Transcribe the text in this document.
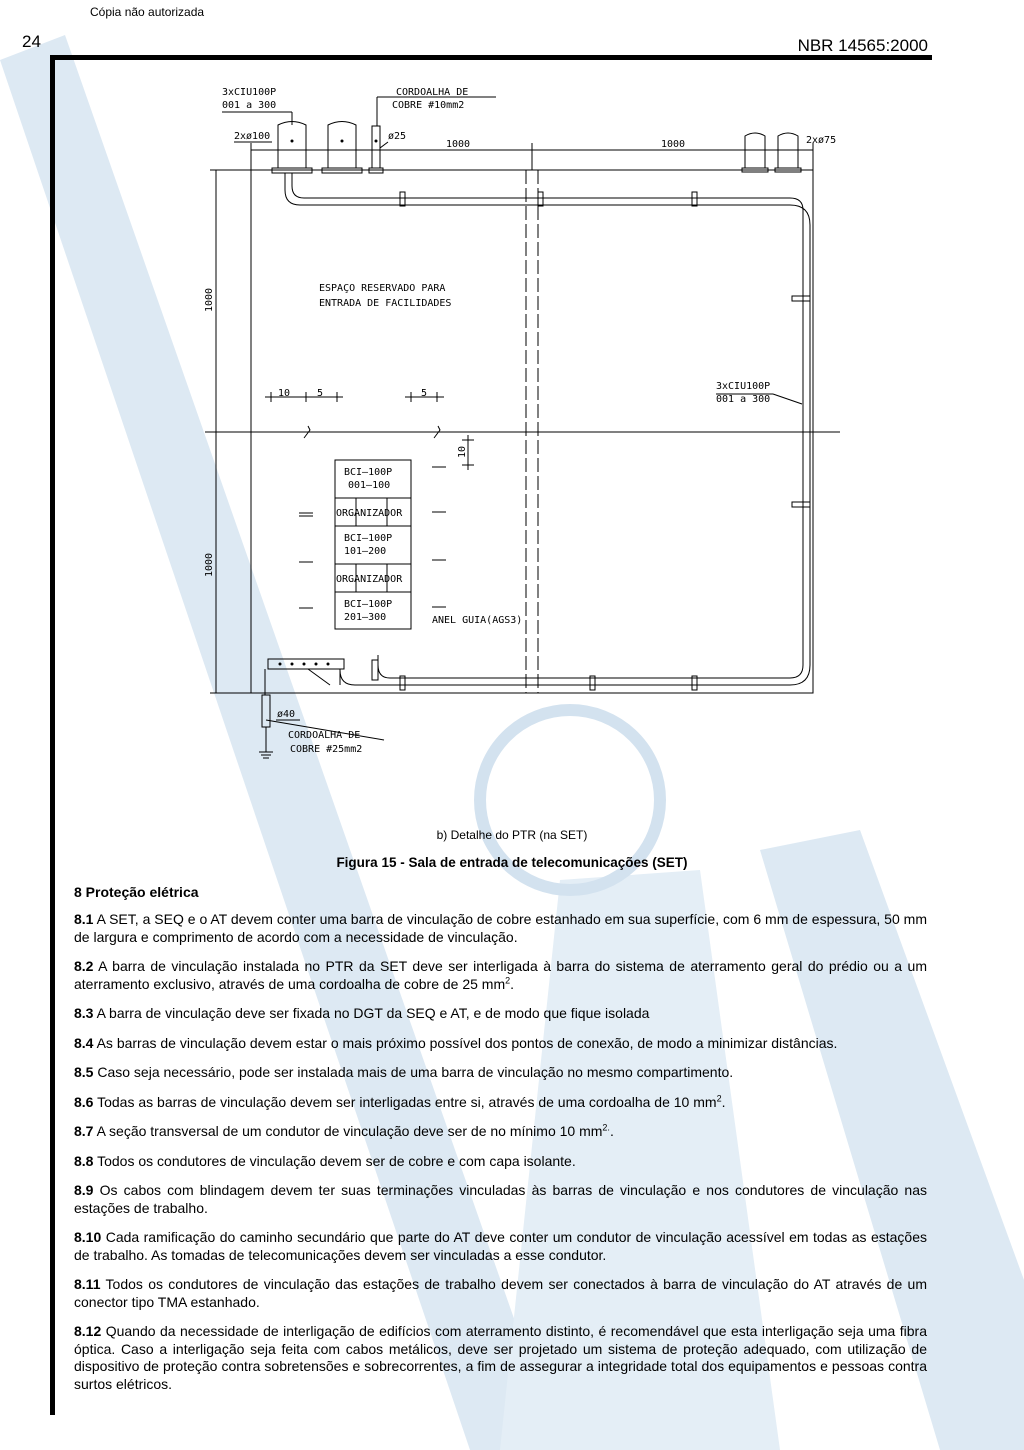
Cópia não autorizada
24	NBR 14565:2000
3xCIU100P
001 a 300
CORDOALHA DE
COBRE #10mm2
2xø100	ø25
1000	1000	2xø75
1000
1000
ESPAÇO RESERVADO PARA
ENTRADA DE FACILIDADES
10	5	5
10
3xCIU100P
001 a 300
BCI–100P
001–100
ORGANIZADOR
BCI–100P
101–200
ORGANIZADOR
BCI–100P
201–300	ANEL GUIA(AGS3)
ø40
CORDOALHA DE
COBRE #25mm2
b) Detalhe do PTR (na SET)
Figura 15 - Sala de entrada de telecomunicações (SET)
8 Proteção elétrica

8.1 A SET, a SEQ e o AT devem conter uma barra de vinculação de cobre estanhado em sua superfície, com 6 mm de espessura, 50 mm de largura e comprimento de acordo com a necessidade de vinculação.

8.2 A barra de vinculação instalada no PTR da SET deve ser interligada à barra do sistema de aterramento geral do prédio ou a um aterramento exclusivo, através de uma cordoalha de cobre de 25 $mm^2$.

8.3 A barra de vinculação deve ser fixada no DGT da SEQ e AT, e de modo que fique isolada

8.4 As barras de vinculação devem estar o mais próximo possível dos pontos de conexão, de modo a minimizar distâncias.

8.5 Caso seja necessário, pode ser instalada mais de uma barra de vinculação no mesmo compartimento.

8.6 Todas as barras de vinculação devem ser interligadas entre si, através de uma cordoalha de 10 $mm^2$.

8.7 A seção transversal de um condutor de vinculação deve ser de no mínimo 10 $mm^{2.}$.

8.8 Todos os condutores de vinculação devem ser de cobre e com capa isolante.

8.9 Os cabos com blindagem devem ter suas terminações vinculadas às barras de vinculação e nos condutores de vinculação nas estações de trabalho.

8.10 Cada ramificação do caminho secundário que parte do AT deve conter um condutor de vinculação acessível em todas as estações de trabalho. As tomadas de telecomunicações devem ser vinculadas a esse condutor.

8.11 Todos os condutores de vinculação das estações de trabalho devem ser conectados à barra de vinculação do AT através de um conector tipo TMA estanhado.

8.12 Quando da necessidade de interligação de edifícios com aterramento distinto, é recomendável que esta interligação seja uma fibra óptica. Caso a interligação seja feita com cabos metálicos, deve ser projetado um sistema de proteção adequado, com utilização de dispositivo de proteção contra sobretensões e sobrecorrentes, a fim de assegurar a integridade total dos equipamentos e pessoas contra surtos elétricos.
